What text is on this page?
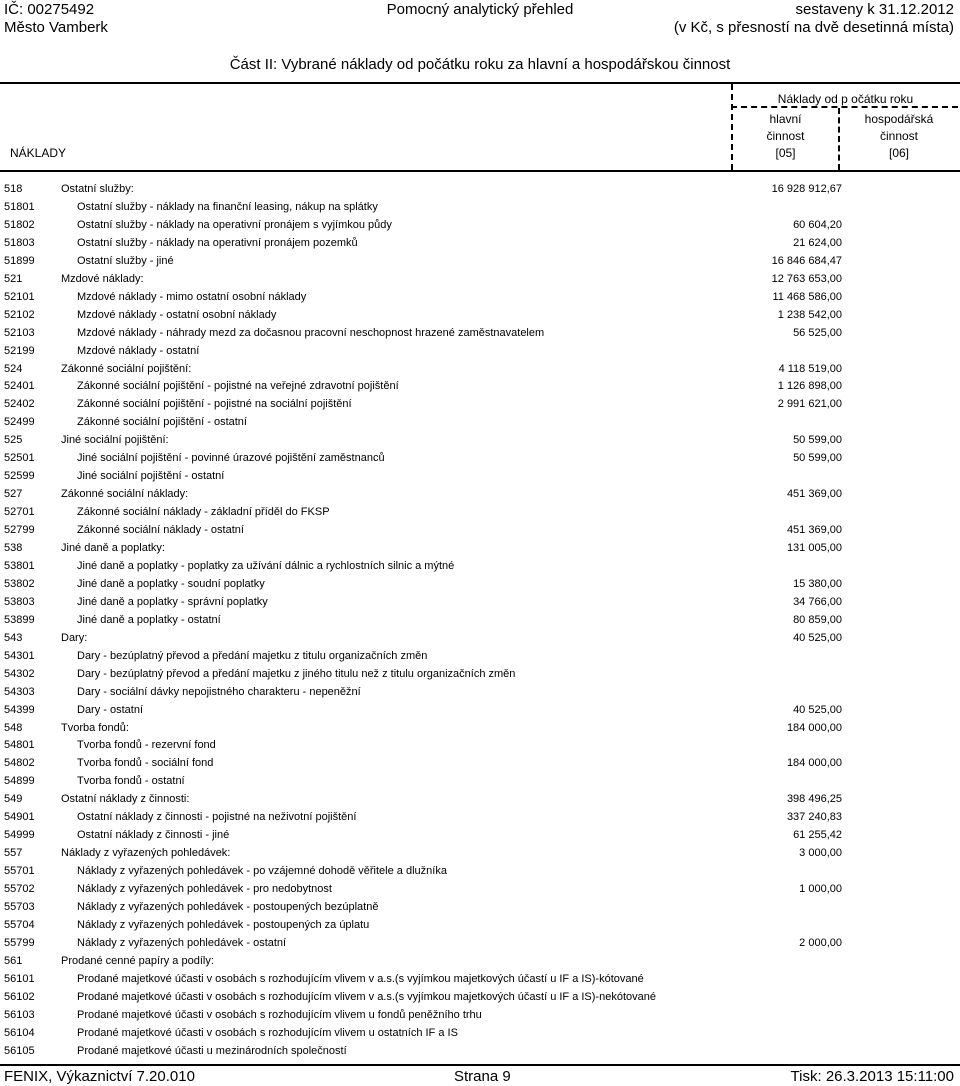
IČ: 00275492
Město Vamberk
Pomocný analytický přehled	sestaveny k 31.12.2012
(v Kč, s přesností na dvě desetinná místa)
Část II: Vybrané náklady od počátku roku za hlavní a hospodářskou činnost
Náklady od p očátku roku
NÁKLADY
hlavní
činnost
[05]
hospodářská
činnost
[06]
518	Ostatní služby:	16 928 912,67
51801	Ostatní služby - náklady na finanční leasing, nákup na splátky
51802	Ostatní služby - náklady na operativní pronájem s vyjímkou půdy	60 604,20
51803	Ostatní služby - náklady na operativní pronájem pozemků	21 624,00
51899	Ostatní služby - jiné	16 846 684,47
521	Mzdové náklady:	12 763 653,00
52101	Mzdové náklady - mimo ostatní osobní náklady	11 468 586,00
52102	Mzdové náklady - ostatní osobní náklady	1 238 542,00
52103	Mzdové náklady - náhrady mezd za dočasnou pracovní neschopnost hrazené zaměstnavatelem	56 525,00
52199	Mzdové náklady - ostatní
524	Zákonné sociální pojištění:	4 118 519,00
52401	Zákonné sociální pojištění - pojistné na veřejné zdravotní pojištění	1 126 898,00
52402	Zákonné sociální pojištění - pojistné na sociální pojištění	2 991 621,00
52499	Zákonné sociální pojištění - ostatní
525	Jiné sociální pojištění:	50 599,00
52501	Jiné sociální pojištění - povinné úrazové pojištění zaměstnanců	50 599,00
52599	Jiné sociální pojištění - ostatní
527	Zákonné sociální náklady:	451 369,00
52701	Zákonné sociální náklady - základní příděl do FKSP
52799	Zákonné sociální náklady - ostatní	451 369,00
538	Jiné daně a poplatky:	131 005,00
53801	Jiné daně a poplatky - poplatky za užívání dálnic a rychlostních silnic a mýtné
53802	Jiné daně a poplatky - soudní poplatky	15 380,00
53803	Jiné daně a poplatky - správní poplatky	34 766,00
53899	Jiné daně a poplatky - ostatní	80 859,00
543	Dary:	40 525,00
54301	Dary - bezúplatný převod a předání majetku z titulu organizačních změn
54302	Dary - bezúplatný převod a předání majetku z jiného titulu než z titulu organizačních změn
54303	Dary - sociální dávky nepojistného charakteru - nepeněžní
54399	Dary - ostatní	40 525,00
548	Tvorba fondů:	184 000,00
54801	Tvorba fondů - rezervní fond
54802	Tvorba fondů - sociální fond	184 000,00
54899	Tvorba fondů - ostatní
549	Ostatní náklady z činnosti:	398 496,25
54901	Ostatní náklady z činnosti - pojistné na neživotní pojištění	337 240,83
54999	Ostatní náklady z činnosti - jiné	61 255,42
557	Náklady z vyřazených pohledávek:	3 000,00
55701	Náklady z vyřazených pohledávek - po vzájemné dohodě věřitele a dlužníka
55702	Náklady z vyřazených pohledávek - pro nedobytnost	1 000,00
55703	Náklady z vyřazených pohledávek - postoupených bezúplatně
55704	Náklady z vyřazených pohledávek - postoupených za úplatu
55799	Náklady z vyřazených pohledávek - ostatní	2 000,00
561	Prodané cenné papíry a podíly:
56101	Prodané majetkové účasti v osobách s rozhodujícím vlivem v a.s.(s vyjímkou majetkových účastí u IF a IS)-kótované
56102	Prodané majetkové účasti v osobách s rozhodujícím vlivem v a.s.(s vyjímkou majetkových účastí u IF a IS)-nekótované
56103	Prodané majetkové účasti v osobách s rozhodujícím vlivem u fondů peněžního trhu
56104	Prodané majetkové účasti v osobách s rozhodujícím vlivem u ostatních IF a IS
56105	Prodané majetkové účasti u mezinárodních společností
FENIX, Výkaznictví 7.20.010	Strana 9	Tisk: 26.3.2013 15:11:00
